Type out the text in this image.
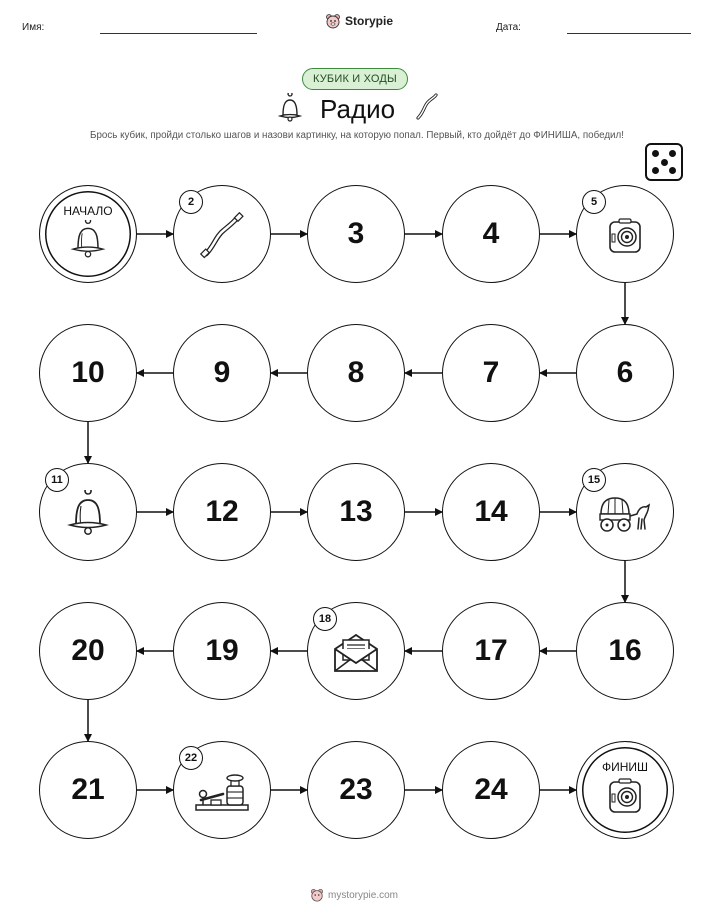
Имя:	Storypie	Дата:
КУБИК И ХОДЫ
Радио
Брось кубик, пройди столько шагов и назови картинку, на которую попал. Первый, кто дойдёт до ФИНИША, победил!
НАЧАЛО
2
3	4
5
6
7
8
9
10
11
12	13	14
15
16
17
18
19
20
21
22
23	24
ФИНИШ
mystorypie.com
